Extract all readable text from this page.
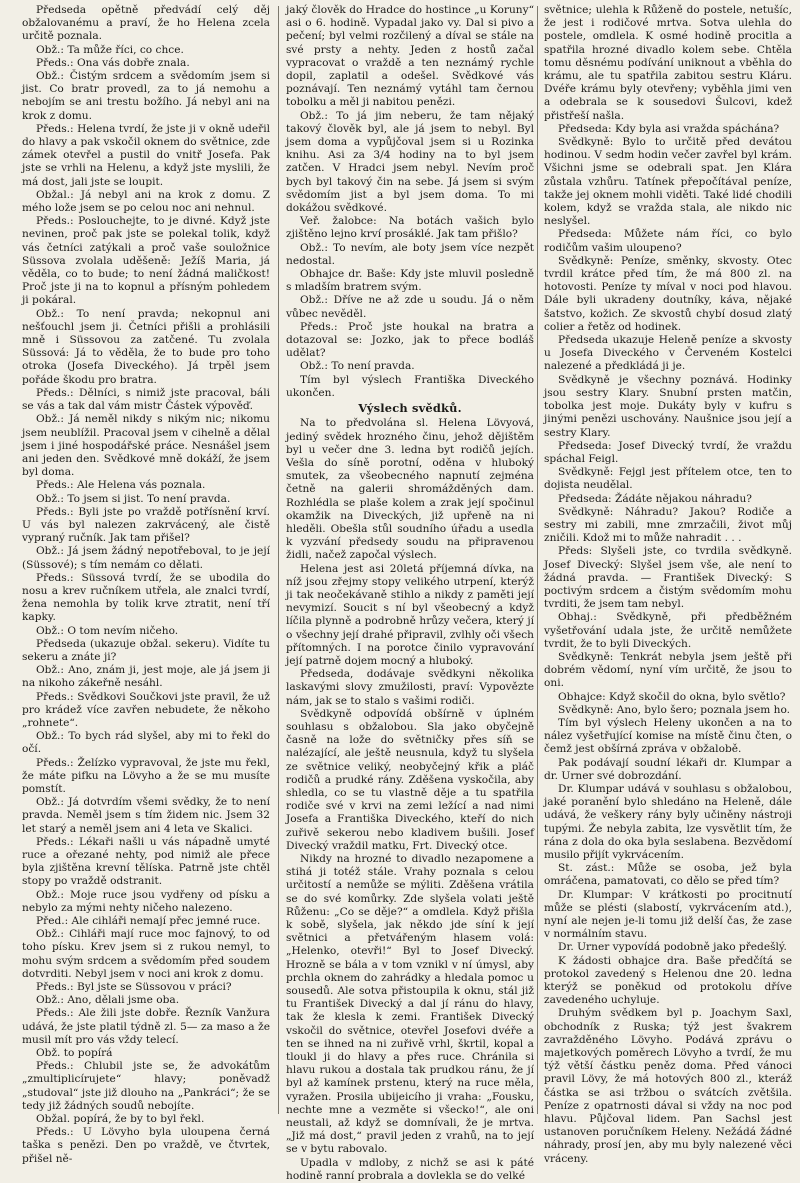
Předseda opětně předvádí celý děj obžalovanému a praví, že ho Helena zcela určitě poznala.

Obž.: Ta může říci, co chce.

Předs.: Ona vás dobře znala.

Obž.: Čistým srdcem a svědomím jsem si jist. Co bratr provedl, za to já nemohu a nebojím se ani trestu božího. Já nebyl ani na krok z domu.

Předs.: Helena tvrdí, že jste ji v okně udeřil do hlavy a pak vskočil oknem do světnice, zde zámek otevřel a pustil do vnitř Josefa. Pak jste se vrhli na Helenu, a když jste myslili, že má dost, jali jste se loupit.

Obžal.: Já nebyl ani na krok z domu. Z mého lože jsem se po celou noc ani nehnul.

Předs.: Poslouchejte, to je divné. Když jste nevinen, proč pak jste se polekal tolik, když vás četníci zatýkali a proč vaše souložnice Süssova zvolala uděšeně: Ježíš Maria, já věděla, co to bude; to není žádná maličkost! Proč jste ji na to kopnul a přísným pohledem ji pokáral.

Obž.: To není pravda; nekopnul ani nešťouchl jsem ji. Četníci přišli a prohlásili mně i Süssovou za zatčené. Tu zvolala Süssová: Já to věděla, že to bude pro toho otroka (Josefa Diveckého). Já trpěl jsem pořáde škodu pro bratra.

Předs.: Dělníci, s nimiž jste pracoval, báli se vás a tak dal vám mistr Částek výpověď.

Obž.: Já neměl nikdy s nikým nic; nikomu jsem neublížil. Pracoval jsem v cihelně a dělal jsem i jiné hospodářské práce. Nesnášel jsem ani jeden den. Svědkové mně dokáží, že jsem byl doma.

Předs.: Ale Helena vás poznala.

Obž.: To jsem si jist. To není pravda.

Předs.: Byli jste po vraždě potřísnění krví. U vás byl nalezen zakrvácený, ale čistě vypraný ručník. Jak tam přišel?

Obž.: Já jsem žádný nepotřeboval, to je její (Süssové); s tím nemám co dělati.

Předs.: Süssová tvrdí, že se ubodila do nosu a krev ručníkem utřela, ale znalci tvrdí, žena nemohla by tolik krve ztratit, není tří kapky.

Obž.: O tom nevím ničeho.

Předseda (ukazuje obžal. sekeru). Vidíte tu sekeru a znáte ji?

Obž.: Ano, znám ji, jest moje, ale já jsem ji na nikoho zákeřně nesáhl.

Předs.: Svědkovi Součkovi jste pravil, že už pro krádež více zavřen nebudete, že někoho „rohnete“.

Obž.: To bych rád slyšel, aby mi to řekl do očí.

Předs.: Želízko vypravoval, že jste mu řekl, že máte pifku na Lövyho a že se mu musíte pomstít.

Obž.: Já dotvrdím všemi svědky, že to není pravda. Neměl jsem s tím židem nic. Jsem 32 let starý a neměl jsem ani 4 leta ve Skalici.

Předs.: Lékaři našli u vás nápadně umyté ruce a ořezané nehty, pod nimiž ale přece byla zjištěna krevní tělíska. Patrně jste chtěl stopy po vraždě odstranit.

Obž.: Moje ruce jsou vydřeny od písku a nebylo za mými nehty ničeho nalezeno.

Před.: Ale cihláři nemají přec jemné ruce.

Obž.: Cihláři mají ruce moc fajnový, to od toho písku. Krev jsem si z rukou nemyl, to mohu svým srdcem a svědomím před soudem dotvrditi. Nebyl jsem v noci ani krok z domu.

Předs.: Byl jste se Süssovou v práci?

Obž.: Ano, dělali jsme oba.

Předs.: Ale žili jste dobře. Řezník Vanžura udává, že jste platil týdně zl. 5— za maso a že musil mít pro vás vždy telecí.

Obž. to popírá

Předs.: Chlubil jste se, že advokátům „zmultiplicírujete“ hlavy; poněvadž „studoval“ jste již dlouho na „Pankráci“; že se tedy již žádných soudů nebojíte.

Obžal. popírá, že by to byl řekl.

Předs.: U Lövyho byla uloupena černá taška s penězi. Den po vraždě, ve čtvrtek, přišel ně-

jaký člověk do Hradce do hostince „u Koruny“ asi o 6. hodině. Vypadal jako vy. Dal si pivo a pečení; byl velmi rozčilený a díval se stále na své prsty a nehty. Jeden z hostů začal vypracovat o vraždě a ten neznámý rychle dopil, zaplatil a odešel. Svědkové vás poznávají. Ten neznámý vytáhl tam černou tobolku a měl ji nabitou penězi.

Obž.: To já jim neberu, že tam nějaký takový člověk byl, ale já jsem to nebyl. Byl jsem doma a vypůjčoval jsem si u Rozinka knihu. Asi za 3/4 hodiny na to byl jsem zatčen. V Hradci jsem nebyl. Nevím proč bych byl takový čin na sebe. Já jsem si svým svědomím jist a byl jsem doma. To mi dokážou svědkové.

Veř. žalobce: Na botách vašich bylo zjištěno lejno krví prosáklé. Jak tam přišlo?

Obž.: To nevím, ale boty jsem více nezpět nedostal.

Obhajce dr. Baše: Kdy jste mluvil posledně s mladším bratrem svým.

Obž.: Dříve ne až zde u soudu. Já o něm vůbec nevěděl.

Předs.: Proč jste houkal na bratra a dotazoval se: Jozko, jak to přece bodláš udělat?

Obž.: To není pravda.

Tím byl výslech Františka Diveckého ukončen.

Výslech svědků.

Na to předvolána sl. Helena Lövyová, jediný svědek hrozného činu, jehož dějištěm byl u večer dne 3. ledna byt rodičů jejích. Vešla do síně porotní, oděna v hluboký smutek, za všeobecného napnutí zejména četně na galerii shromážděných dam. Rozhlédla se plaše kolem a zrak její spočinul okamžik na Diveckých, již upřeně na ni hleděli. Obešla stůl soudního úřadu a usedla k vyzvání předsedy soudu na připravenou židli, načež započal výslech.

Helena jest asi 20letá příjemná dívka, na níž jsou zřejmy stopy velikého utrpení, kterýž ji tak neočekávaně stihlo a nikdy z paměti její nevymizí. Soucit s ní byl všeobecný a když líčila plynně a podrobně hrůzy večera, který jí o všechny její drahé připravil, zvlhly oči všech přítomných. I na porotce činilo vypravování její patrně dojem mocný a hluboký.

Předseda, dodávaje svědkyni několika laskavými slovy zmužilosti, praví: Vypovězte nám, jak se to stalo s vašimi rodiči.

Svědkyně odpovídá obšírně v úplném souhlasu s obžalobou. Sla jako obyčejně časně na lože do světničky přes síň se nalézající, ale ještě neusnula, když tu slyšela ze světnice veliký, neobyčejný křik a pláč rodičů a prudké rány. Zděšena vyskočila, aby shledla, co se tu vlastně děje a tu spatřila rodiče své v krvi na zemi ležící a nad nimi Josefa a Františka Diveckého, kteří do nich zuřivě sekerou nebo kladivem bušili. Josef Divecký vraždil matku, Frt. Divecký otce.

Nikdy na hrozné to divadlo nezapomene a stihá ji totéž stále. Vrahy poznala s celou určitostí a nemůže se mýliti. Zděšena vrátila se do své komůrky. Zde slyšela volati ještě Růženu: „Co se děje?“ a omdlela. Když přišla k sobě, slyšela, jak někdo jde síní k její světnici a přetvářeným hlasem volá: „Helenko, otevři!“ Byl to Josef Divecký. Hrozně se bála a v tom vznikl v ní úmysl, aby prchla oknem do zahrádky a hledala pomoc u sousedů. Ale sotva přistoupila k oknu, stál již tu František Divecký a dal jí ránu do hlavy, tak že klesla k zemi. František Divecký vskočil do světnice, otevřel Josefovi dvéře a ten se ihned na ni zuřivě vrhl, škrtil, kopal a tloukl ji do hlavy a přes ruce. Chránila si hlavu rukou a dostala tak prudkou ránu, že jí byl až kamínek prstenu, který na ruce měla, vyražen. Prosila ubijeicího ji vraha: „Fousku, nechte mne a vezměte si všecko!“, ale oni neustali, až když se domnívali, že je mrtva. „Již má dost,“ pravil jeden z vrahů, na to její se v bytu rabovalo.

Upadla v mdloby, z nichž se asi k páté hodině ranní probrala a dovlekla se do velké

světnice; ulehla k Růženě do postele, netušíc, že jest i rodičové mrtva. Sotva ulehla do postele, omdlela. K osmé hodině procitla a spatřila hrozné divadlo kolem sebe. Chtěla tomu děsnému podívání uniknout a vběhla do krámu, ale tu spatřila zabitou sestru Kláru. Dvéře krámu byly otevřeny; vyběhla jimi ven a odebrala se k sousedovi Šulcovi, kdež přistřeší našla.

Předseda: Kdy byla asi vražda spáchána?

Svědkyně: Bylo to určitě před devátou hodinou. V sedm hodin večer zavřel byl krám. Všichni jsme se odebrali spat. Jen Klára zůstala vzhůru. Tatínek přepočítával peníze, takže jej oknem mohli viděti. Také lidé chodili kolem, když se vražda stala, ale nikdo nic neslyšel.

Předseda: Můžete nám říci, co bylo rodičům vašim uloupeno?

Svědkyně: Peníze, směnky, skvosty. Otec tvrdil krátce před tím, že má 800 zl. na hotovosti. Peníze ty míval v noci pod hlavou. Dále byli ukradeny doutníky, káva, nějaké šatstvo, kožich. Ze skvostů chybí dosud zlatý colier a řetěz od hodinek.

Předseda ukazuje Heleně peníze a skvosty u Josefa Diveckého v Červeném Kostelci nalezené a předkládá ji je.

Svědkyně je všechny poznává. Hodinky jsou sestry Klary. Snubní prsten matčin, tobolka jest moje. Dukáty byly v kufru s jinými penězi uschovány. Naušnice jsou její a sestry Klary.

Předseda: Josef Divecký tvrdí, že vraždu spáchal Feigl.

Svědkyně: Fejgl jest přítelem otce, ten to dojista neudělal.

Předseda: Žádáte nějakou náhradu?

Svědkyně: Náhradu? Jakou? Rodiče a sestry mi zabili, mne zmrzačili, život můj zničili. Kdož mi to může nahradit . . .

Předs: Slyšeli jste, co tvrdila svědkyně. Josef Divecký: Slyšel jsem vše, ale není to žádná pravda. — František Divecký: S poctivým srdcem a čistým svědomím mohu tvrditi, že jsem tam nebyl.

Obhaj.: Svědkyně, při předběžném vyšetřování udala jste, že určitě nemůžete tvrdit, že to byli Diveckých.

Svědkyně: Tenkrát nebyla jsem ještě při dobrém vědomí, nyní vím určitě, že jsou to oni.

Obhajce: Když skočil do okna, bylo světlo?

Svědkyně: Ano, bylo šero; poznala jsem ho.

Tím byl výslech Heleny ukončen a na to nález vyšetřující komise na místě činu čten, o čemž jest obšírná zpráva v obžalobě.

Pak podávají soudní lékaři dr. Klumpar a dr. Urner své dobrozdání.

Dr. Klumpar udává v souhlasu s obžalobou, jaké poranění bylo shledáno na Heleně, dále udává, že veškery rány byly učiněny nástroji tupými. Že nebyla zabita, lze vysvětlit tím, že rána z dola do oka byla seslabena. Bezvědomí musilo přijít vykrvácením.

St. zást.: Může se osoba, jež byla omráčena, pamatovati, co dělo se před tím?

Dr. Klumpar: V krátkosti po procitnutí může se plésti (slabostí, vykrvácením atd.), nyní ale nejen je-li tomu již delší čas, že zase v normálním stavu.

Dr. Urner vypovídá podobně jako předešlý.

K žádosti obhajce dra. Baše předčítá se protokol zavedený s Helenou dne 20. ledna kterýž se poněkud od protokolu dříve zavedeného uchyluje.

Druhým svědkem byl p. Joachym Saxl, obchodník z Ruska; týž jest švakrem zavražděného Lövyho. Podává zprávu o majetkových poměrech Lövyho a tvrdí, že mu týž větší částku peněz doma. Před vánoci pravil Lövy, že má hotových 800 zl., kteráž částka se asi tržbou o svátcích zvětšila. Peníze z opatrnosti dával si vždy na noc pod hlavu. Půjčoval lidem. Pan Sachsl jest ustanoven poručníkem Heleny. Nežádá žádné náhrady, prosí jen, aby mu byly nalezené věci vráceny.
